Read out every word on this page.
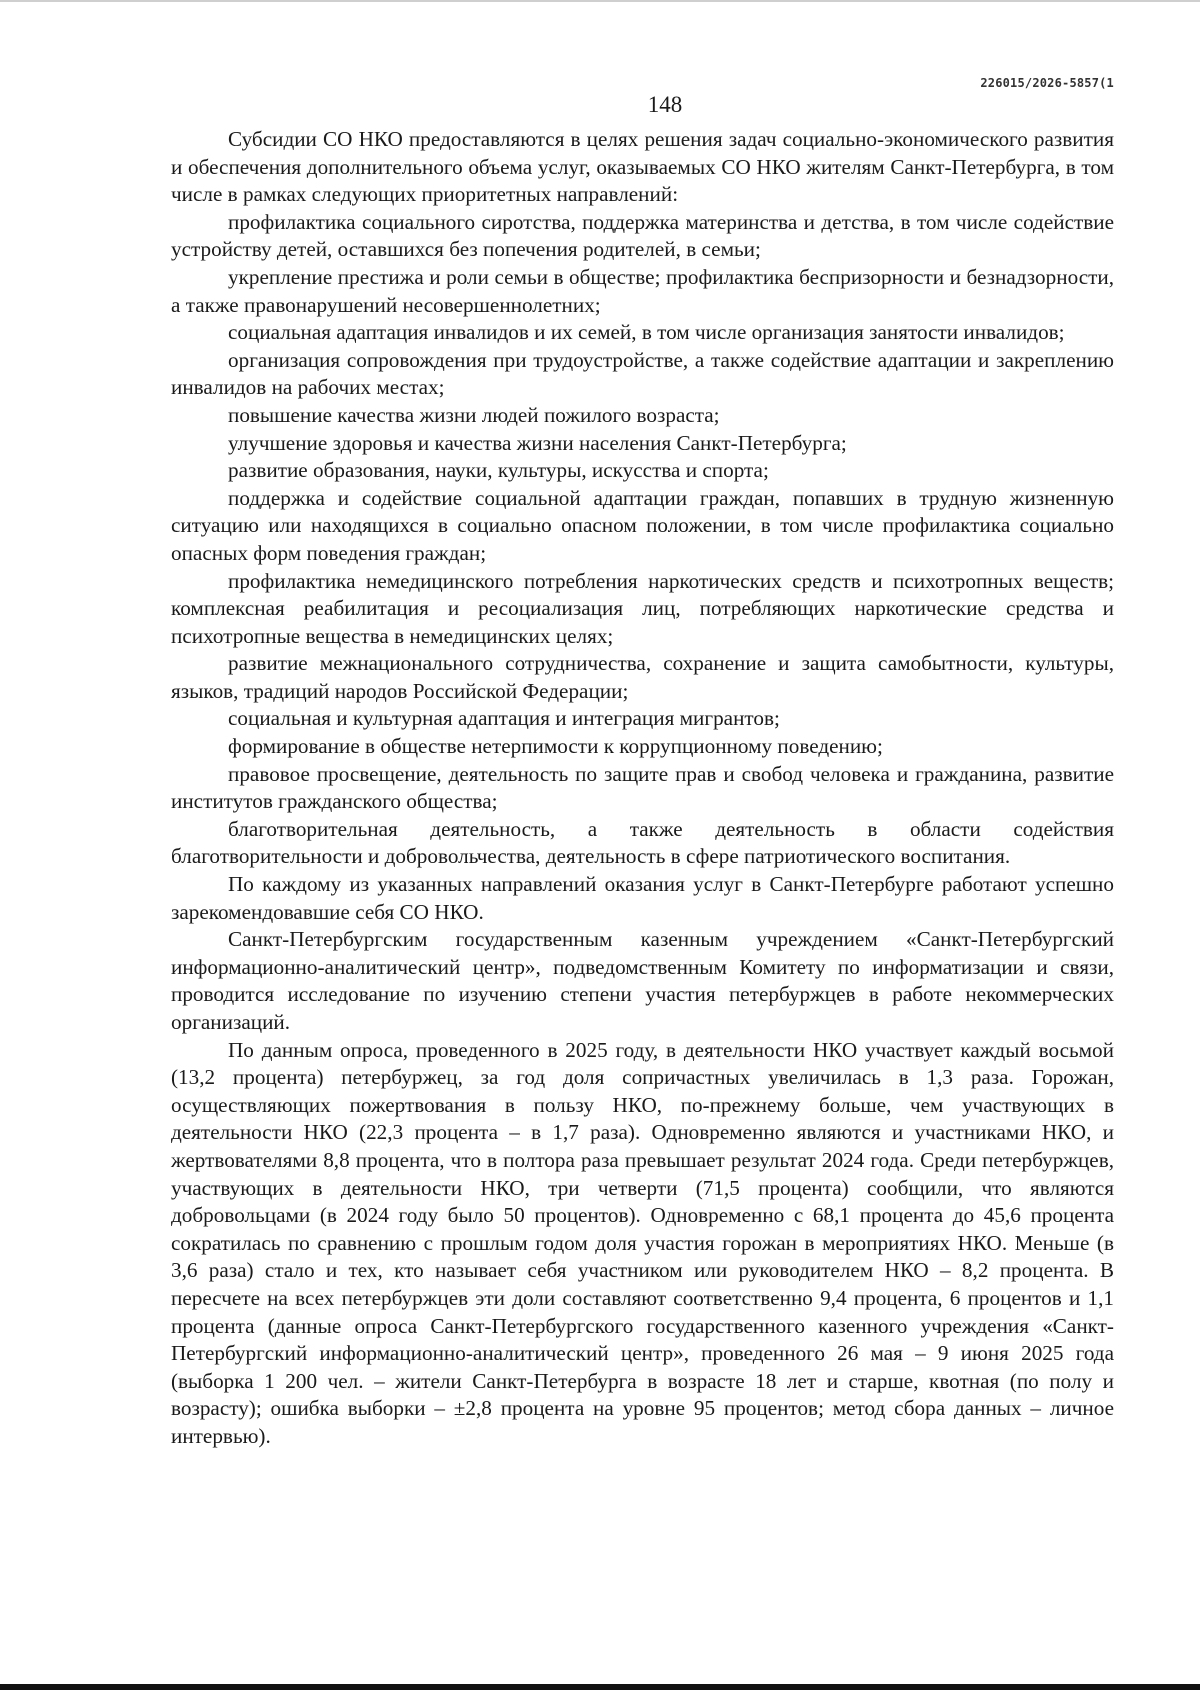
226015/2026-5857(1
148

Субсидии СО НКО предоставляются в целях решения задач социально-экономического развития и обеспечения дополнительного объема услуг, оказываемых СО НКО жителям Санкт-Петербурга, в том числе в рамках следующих приоритетных направлений:

профилактика социального сиротства, поддержка материнства и детства, в том числе содействие устройству детей, оставшихся без попечения родителей, в семьи;

укрепление престижа и роли семьи в обществе; профилактика беспризорности и безнадзорности, а также правонарушений несовершеннолетних;

социальная адаптация инвалидов и их семей, в том числе организация занятости инвалидов;

организация сопровождения при трудоустройстве, а также содействие адаптации и закреплению инвалидов на рабочих местах;

повышение качества жизни людей пожилого возраста;

улучшение здоровья и качества жизни населения Санкт-Петербурга;

развитие образования, науки, культуры, искусства и спорта;

поддержка и содействие социальной адаптации граждан, попавших в трудную жизненную ситуацию или находящихся в социально опасном положении, в том числе профилактика социально опасных форм поведения граждан;

профилактика немедицинского потребления наркотических средств и психотропных веществ; комплексная реабилитация и ресоциализация лиц, потребляющих наркотические средства и психотропные вещества в немедицинских целях;

развитие межнационального сотрудничества, сохранение и защита самобытности, культуры, языков, традиций народов Российской Федерации;

социальная и культурная адаптация и интеграция мигрантов;

формирование в обществе нетерпимости к коррупционному поведению;

правовое просвещение, деятельность по защите прав и свобод человека и гражданина, развитие институтов гражданского общества;

благотворительная деятельность, а также деятельность в области содействия благотворительности и добровольчества, деятельность в сфере патриотического воспитания.

По каждому из указанных направлений оказания услуг в Санкт-Петербурге работают успешно зарекомендовавшие себя СО НКО.

Санкт-Петербургским государственным казенным учреждением «Санкт-Петербургский информационно-аналитический центр», подведомственным Комитету по информатизации и связи, проводится исследование по изучению степени участия петербуржцев в работе некоммерческих организаций.

По данным опроса, проведенного в 2025 году, в деятельности НКО участвует каждый восьмой (13,2 процента) петербуржец, за год доля сопричастных увеличилась в 1,3 раза. Горожан, осуществляющих пожертвования в пользу НКО, по-прежнему больше, чем участвующих в деятельности НКО (22,3 процента – в 1,7 раза). Одновременно являются и участниками НКО, и жертвователями 8,8 процента, что в полтора раза превышает результат 2024 года. Среди петербуржцев, участвующих в деятельности НКО, три четверти (71,5 процента) сообщили, что являются добровольцами (в 2024 году было 50 процентов). Одновременно с 68,1 процента до 45,6 процента сократилась по сравнению с прошлым годом доля участия горожан в мероприятиях НКО. Меньше (в 3,6 раза) стало и тех, кто называет себя участником или руководителем НКО – 8,2 процента. В пересчете на всех петербуржцев эти доли составляют соответственно 9,4 процента, 6 процентов и 1,1 процента (данные опроса Санкт-Петербургского государственного казенного учреждения «Санкт-Петербургский информационно-аналитический центр», проведенного 26 мая – 9 июня 2025 года (выборка 1 200 чел. – жители Санкт-Петербурга в возрасте 18 лет и старше, квотная (по полу и возрасту); ошибка выборки – ±2,8 процента на уровне 95 процентов; метод сбора данных – личное интервью).
